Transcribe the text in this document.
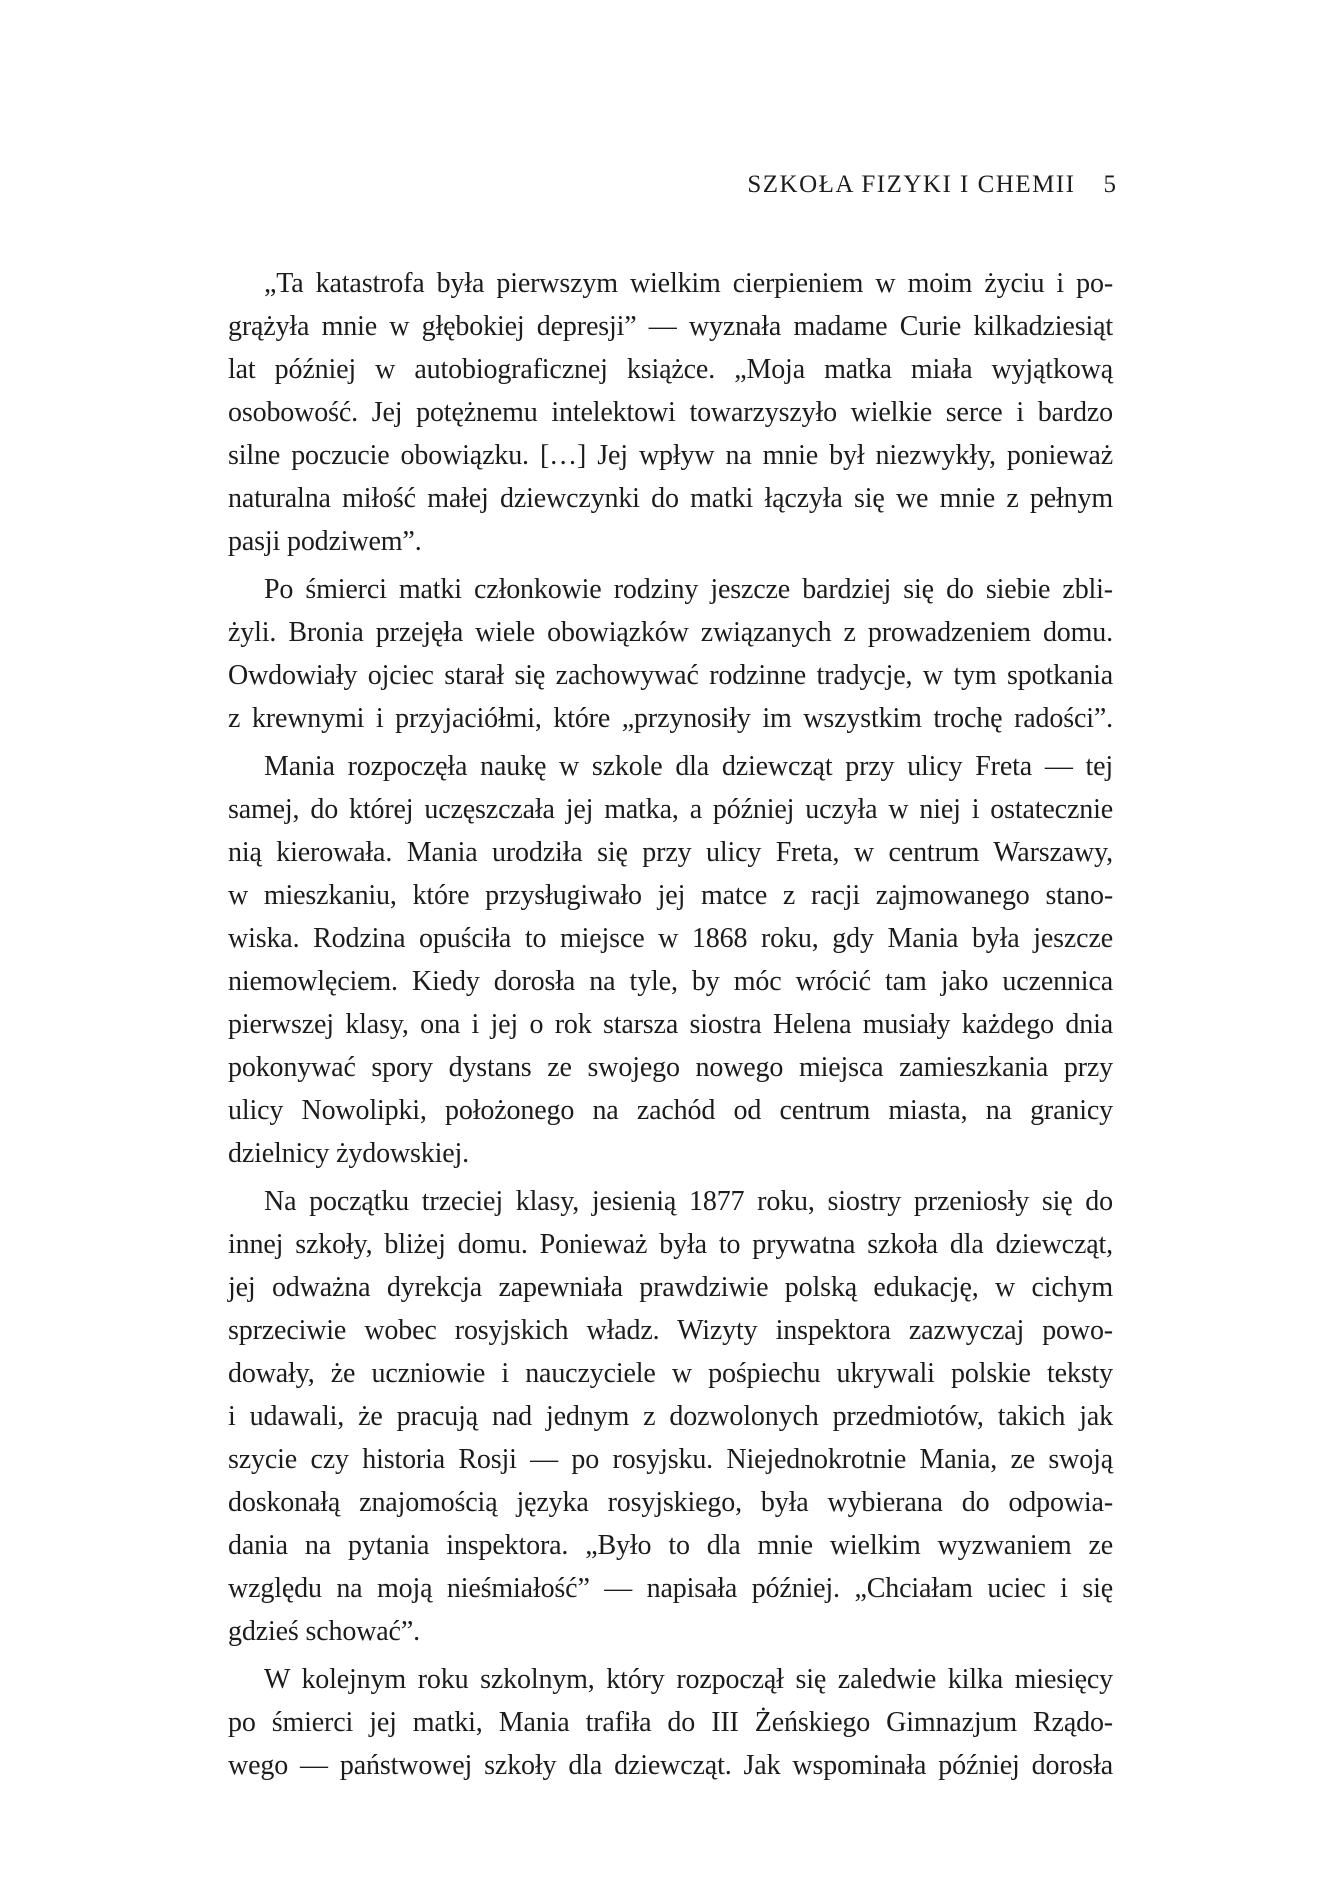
SZKOŁA FIZYKI I CHEMII 5
„Ta katastrofa była pierwszym wielkim cierpieniem w moim życiu i po-
grążyła mnie w głębokiej depresji” — wyznała madame Curie kilkadziesiąt
lat później w autobiograficznej książce. „Moja matka miała wyjątkową
osobowość. Jej potężnemu intelektowi towarzyszyło wielkie serce i bardzo
silne poczucie obowiązku. […] Jej wpływ na mnie był niezwykły, ponieważ
naturalna miłość małej dziewczynki do matki łączyła się we mnie z pełnym
pasji podziwem”.
Po śmierci matki członkowie rodziny jeszcze bardziej się do siebie zbli-
żyli. Bronia przejęła wiele obowiązków związanych z prowadzeniem domu.
Owdowiały ojciec starał się zachowywać rodzinne tradycje, w tym spotkania
z krewnymi i przyjaciółmi, które „przynosiły im wszystkim trochę radości”.
Mania rozpoczęła naukę w szkole dla dziewcząt przy ulicy Freta — tej
samej, do której uczęszczała jej matka, a później uczyła w niej i ostatecznie
nią kierowała. Mania urodziła się przy ulicy Freta, w centrum Warszawy,
w mieszkaniu, które przysługiwało jej matce z racji zajmowanego stano-
wiska. Rodzina opuściła to miejsce w 1868 roku, gdy Mania była jeszcze
niemowlęciem. Kiedy dorosła na tyle, by móc wrócić tam jako uczennica
pierwszej klasy, ona i jej o rok starsza siostra Helena musiały każdego dnia
pokonywać spory dystans ze swojego nowego miejsca zamieszkania przy
ulicy Nowolipki, położonego na zachód od centrum miasta, na granicy
dzielnicy żydowskiej.
Na początku trzeciej klasy, jesienią 1877 roku, siostry przeniosły się do
innej szkoły, bliżej domu. Ponieważ była to prywatna szkoła dla dziewcząt,
jej odważna dyrekcja zapewniała prawdziwie polską edukację, w cichym
sprzeciwie wobec rosyjskich władz. Wizyty inspektora zazwyczaj powo-
dowały, że uczniowie i nauczyciele w pośpiechu ukrywali polskie teksty
i udawali, że pracują nad jednym z dozwolonych przedmiotów, takich jak
szycie czy historia Rosji — po rosyjsku. Niejednokrotnie Mania, ze swoją
doskonałą znajomością języka rosyjskiego, była wybierana do odpowia-
dania na pytania inspektora. „Było to dla mnie wielkim wyzwaniem ze
względu na moją nieśmiałość” — napisała później. „Chciałam uciec i się
gdzieś schować”.
W kolejnym roku szkolnym, który rozpoczął się zaledwie kilka miesięcy
po śmierci jej matki, Mania trafiła do III Żeńskiego Gimnazjum Rządo-
wego — państwowej szkoły dla dziewcząt. Jak wspominała później dorosła
